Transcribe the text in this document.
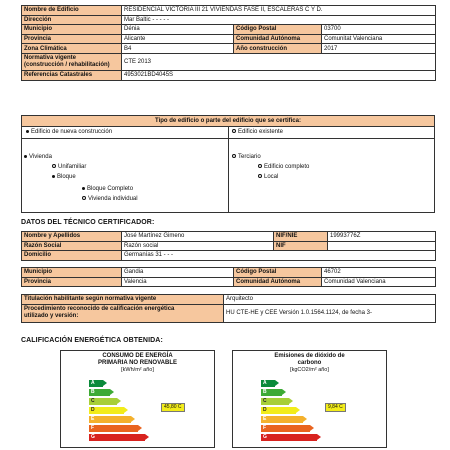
Nombre de Edificio	RESIDENCIAL VICTORIA III 21 VIVIENDAS FASE II, ESCALERAS C Y D.		
Dirección	Mar Baltic - - - - -		
Municipio	Dénia	Código Postal	03700
Provincia	Alicante	Comunidad Autónoma	Comunitat Valenciana
Zona Climática	B4	Año construcción	2017

Normativa vigente
(construcción / rehabilitación)	CTE 2013		
Referencias Catastrales	4953021BD4045S		
Tipo de edificio o parte del edificio que se certifica:
Edificio de nueva construcción	Edificio existente
Vivienda
Unifamiliar
Bloque
Bloque Completo
Vivienda individual
Terciario
Edificio completo
Local
DATOS DEL TÉCNICO CERTIFICADOR:
Nombre y Apellidos	José Martínez Gimeno	NIF/NIE	19993776Z
Razón Social	Razón social	NIF	
Domicilio	Germanías 31 - - -		
Municipio	Gandia	Código Postal	46702
Provincia	Valencia	Comunidad Autónoma	Comunidad Valenciana
Titulación habilitante según normativa vigente	Arquitecto

Procedimiento reconocido de calificación energética
utilizado y versión:	HU CTE-HE y CEE Versión 1.0.1564.1124, de fecha 3-
CALIFICACIÓN ENERGÉTICA OBTENIDA:
CONSUMO DE ENERGÍA
PRIMARIA NO RENOVABLE
[kWh/m² año]
A
B
C
D
E
F
G
45,80 C
Emisiones de dióxido de
carbono
[kgCO2/m² año]
A
B
C
D
E
F
G
9,84 C
